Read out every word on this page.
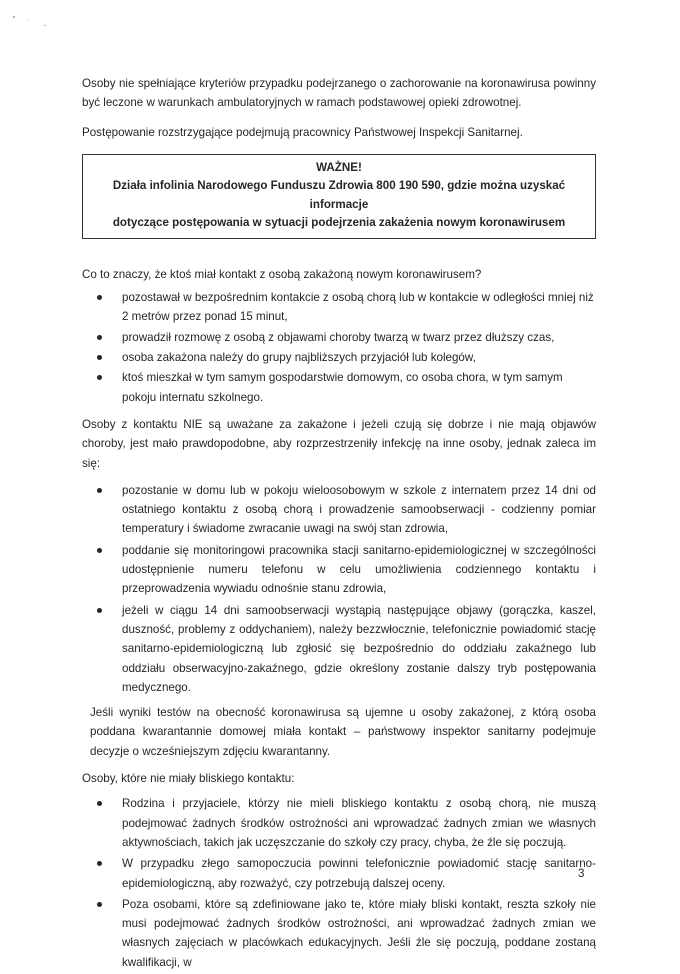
Osoby nie spełniające kryteriów przypadku podejrzanego o zachorowanie na koronawirusa powinny być leczone w warunkach ambulatoryjnych w ramach podstawowej opieki zdrowotnej.

Postępowanie rozstrzygające podejmują pracownicy Państwowej Inspekcji Sanitarnej.

WAŻNE!
Działa infolinia Narodowego Funduszu Zdrowia 800 190 590, gdzie można uzyskać informacje
dotyczące postępowania w sytuacji podejrzenia zakażenia nowym koronawirusem

Co to znaczy, że ktoś miał kontakt z osobą zakażoną nowym koronawirusem?

pozostawał w bezpośrednim kontakcie z osobą chorą lub w kontakcie w odległości mniej niż 2 metrów przez ponad 15 minut,
prowadził rozmowę z osobą z objawami choroby twarzą w twarz przez dłuższy czas,
osoba zakażona należy do grupy najbliższych przyjaciół lub kolegów,
ktoś mieszkał w tym samym gospodarstwie domowym, co osoba chora, w tym samym pokoju internatu szkolnego.

Osoby z kontaktu NIE są uważane za zakażone i jeżeli czują się dobrze i nie mają objawów choroby, jest mało prawdopodobne, aby rozprzestrzeniły infekcję na inne osoby, jednak zaleca im się:

pozostanie w domu lub w pokoju wieloosobowym w szkole z internatem przez 14 dni od ostatniego kontaktu z osobą chorą i prowadzenie samoobserwacji - codzienny pomiar temperatury i świadome zwracanie uwagi na swój stan zdrowia,
poddanie się monitoringowi pracownika stacji sanitarno-epidemiologicznej w szczególności udostępnienie numeru telefonu w celu umożliwienia codziennego kontaktu i przeprowadzenia wywiadu odnośnie stanu zdrowia,
jeżeli w ciągu 14 dni samoobserwacji wystąpią następujące objawy (gorączka, kaszel, duszność, problemy z oddychaniem), należy bezzwłocznie, telefonicznie powiadomić stację sanitarno-epidemiologiczną lub zgłosić się bezpośrednio do oddziału zakaźnego lub oddziału obserwacyjno-zakaźnego, gdzie określony zostanie dalszy tryb postępowania medycznego.

Jeśli wyniki testów na obecność koronawirusa są ujemne u osoby zakażonej, z którą osoba poddana kwarantannie domowej miała kontakt – państwowy inspektor sanitarny podejmuje decyzje o wcześniejszym zdjęciu kwarantanny.

Osoby, które nie miały bliskiego kontaktu:

Rodzina i przyjaciele, którzy nie mieli bliskiego kontaktu z osobą chorą, nie muszą podejmować żadnych środków ostrożności ani wprowadzać żadnych zmian we własnych aktywnościach, takich jak uczęszczanie do szkoły czy pracy, chyba, że źle się poczują.
W przypadku złego samopoczucia powinni telefonicznie powiadomić stację sanitarno-epidemiologiczną, aby rozważyć, czy potrzebują dalszej oceny.
Poza osobami, które są zdefiniowane jako te, które miały bliski kontakt, reszta szkoły nie musi podejmować żadnych środków ostrożności, ani wprowadzać żadnych zmian we własnych zajęciach w placówkach edukacyjnych. Jeśli źle się poczują, poddane zostaną kwalifikacji, w
3
